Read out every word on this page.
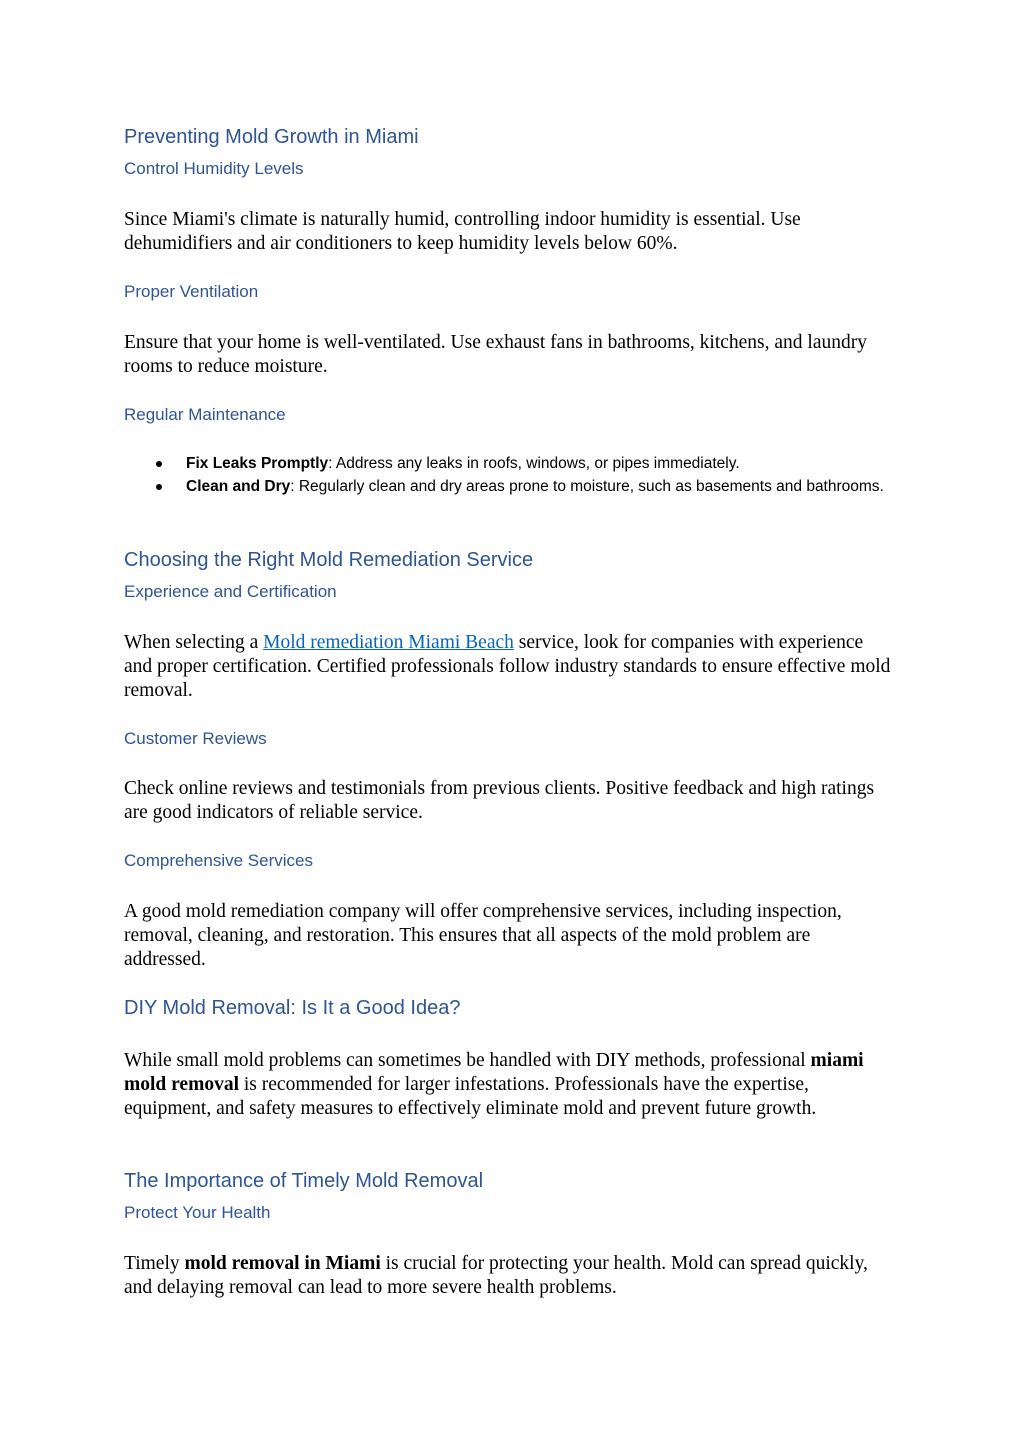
Preventing Mold Growth in Miami
Control Humidity Levels

Since Miami's climate is naturally humid, controlling indoor humidity is essential. Use dehumidifiers and air conditioners to keep humidity levels below 60%.

Proper Ventilation

Ensure that your home is well-ventilated. Use exhaust fans in bathrooms, kitchens, and laundry rooms to reduce moisture.

Regular Maintenance
Fix Leaks Promptly: Address any leaks in roofs, windows, or pipes immediately.
Clean and Dry: Regularly clean and dry areas prone to moisture, such as basements and bathrooms.
Choosing the Right Mold Remediation Service
Experience and Certification

When selecting a Mold remediation Miami Beach service, look for companies with experience and proper certification. Certified professionals follow industry standards to ensure effective mold removal.

Customer Reviews

Check online reviews and testimonials from previous clients. Positive feedback and high ratings are good indicators of reliable service.

Comprehensive Services

A good mold remediation company will offer comprehensive services, including inspection, removal, cleaning, and restoration. This ensures that all aspects of the mold problem are addressed.

DIY Mold Removal: Is It a Good Idea?

While small mold problems can sometimes be handled with DIY methods, professional miami mold removal is recommended for larger infestations. Professionals have the expertise, equipment, and safety measures to effectively eliminate mold and prevent future growth.

The Importance of Timely Mold Removal
Protect Your Health

Timely mold removal in Miami is crucial for protecting your health. Mold can spread quickly, and delaying removal can lead to more severe health problems.
